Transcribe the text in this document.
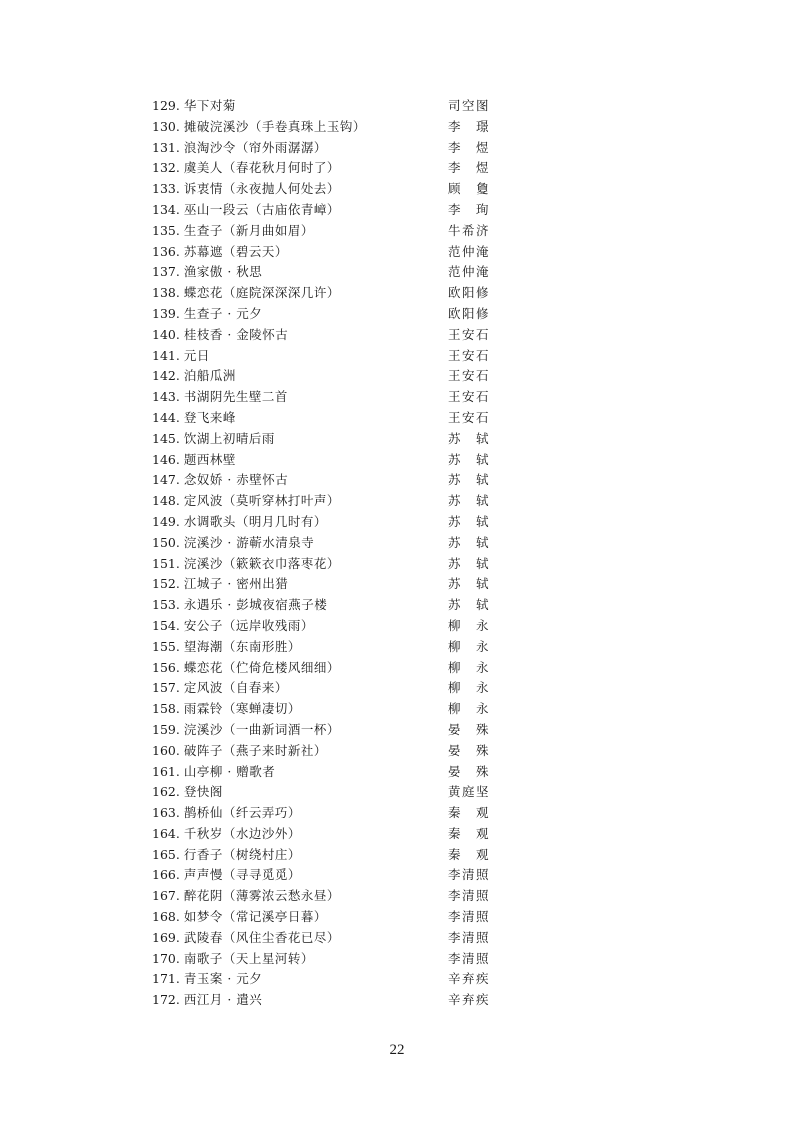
129. 华下对菊	司空图
130. 摊破浣溪沙（手卷真珠上玉钩）	李　璟
131. 浪淘沙令（帘外雨潺潺）	李　煜
132. 虞美人（春花秋月何时了）	李　煜
133. 诉衷情（永夜抛人何处去）	顾　敻
134. 巫山一段云（古庙依青嶂）	李　珣
135. 生查子（新月曲如眉）	牛希济
136. 苏幕遮（碧云天）	范仲淹
137. 渔家傲 · 秋思	范仲淹
138. 蝶恋花（庭院深深深几许）	欧阳修
139. 生查子 · 元夕	欧阳修
140. 桂枝香 · 金陵怀古	王安石
141. 元日	王安石
142. 泊船瓜洲	王安石
143. 书湖阴先生壁二首	王安石
144. 登飞来峰	王安石
145. 饮湖上初晴后雨	苏　轼
146. 题西林壁	苏　轼
147. 念奴娇 · 赤壁怀古	苏　轼
148. 定风波（莫听穿林打叶声）	苏　轼
149. 水调歌头（明月几时有）	苏　轼
150. 浣溪沙 · 游蕲水清泉寺	苏　轼
151. 浣溪沙（簌簌衣巾落枣花）	苏　轼
152. 江城子 · 密州出猎	苏　轼
153. 永遇乐 · 彭城夜宿燕子楼	苏　轼
154. 安公子（远岸收残雨）	柳　永
155. 望海潮（东南形胜）	柳　永
156. 蝶恋花（伫倚危楼风细细）	柳　永
157. 定风波（自春来）	柳　永
158. 雨霖铃（寒蝉凄切）	柳　永
159. 浣溪沙（一曲新词酒一杯）	晏　殊
160. 破阵子（燕子来时新社）	晏　殊
161. 山亭柳 · 赠歌者	晏　殊
162. 登快阁	黄庭坚
163. 鹊桥仙（纤云弄巧）	秦　观
164. 千秋岁（水边沙外）	秦　观
165. 行香子（树绕村庄）	秦　观
166. 声声慢（寻寻觅觅）	李清照
167. 醉花阴（薄雾浓云愁永昼）	李清照
168. 如梦令（常记溪亭日暮）	李清照
169. 武陵春（风住尘香花已尽）	李清照
170. 南歌子（天上星河转）	李清照
171. 青玉案 · 元夕	辛弃疾
172. 西江月 · 遣兴	辛弃疾
22
